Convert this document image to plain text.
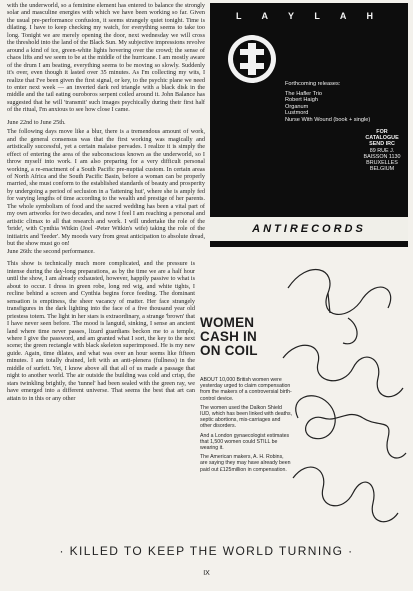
with the underworld, so a feminine element has entered to balance the strongly solar and masculine energies with which we have been working so far. Given the usual pre-performance confusion, it seems strangely quiet tonight. Time is dilating. I have to keep checking my watch, for everything seems to take too long. Tonight we are merely opening the door, next wednesday we will cross the threshold into the land of the Black Sun. My subjective impressions revolve around a kind of ice, green-white lights hovering over the crowd; the sense of chaos lifts and we seem to be at the middle of the hurricane. I am mostly aware of the drum I am beating, everything seems to be moving so slowly. Suddenly it's over, even though it lasted over 35 minutes. As I'm collecting my wits, I realize that I've been given the first signal, or key, to the psychic plane we need to enter next week — an inverted dark red triangle with a black disk in the middle and the tail eating ouroboros serpent coiled around it. John Balance has suggested that he will 'transmit' such images psychically during their first half of the ritual, I'm anxious to see how close I came.

June 22nd to June 25th.

The following days move like a blur, there is a tremendous amount of work, and the general consensus was that the first working was magically and artistically successful, yet a certain malaise pervades. I realize it is simply the effect of entering the area of the subconscious known as the underworld, so I throw myself into work. I am also preparing for a very difficult personal working, a re-enactment of a South Pacific pre-nuptial custom. In certain areas of North Africa and the South Pacific Basin, before a woman can be properly married, she must conform to the established standards of beauty and prosperity by undergoing a period of seclusion in a 'fattening hut', where she is amply fed for varying lengths of time according to the wealth and prestige of her parents. The whole symbolism of food and the sacred wedding has been a vital part of my own artworks for two decades, and now I feel I am reaching a personal and artistic climax to all that research and work. I will undertake the role of the 'bride', with Cynthia Witkin (Joel -Peter Witkin's wife) taking the role of the initiatrix and 'feeder'. My moods vary from great anticipation to absolute dread, but the show must go on!

L A Y L A H
Forthcoming releases:
The Hafler Trio
Robert Haigh
Organum
Lustmord
Nurse With Wound (book + single)
FOR CATALOGUE SEND IRC
89 RUE J. BAISSON 1130 BRUXELLES BELGIUM
ANTIRECORDS

June 26th: the second performance.

This show is technically much more complicated, and the pressure is intense during the day-long preparations, as by the time we are a half hour until the show, I am already exhausted, however, happily passive to what is about to occur. I dress in green robe, long red wig, and white tights, I recline behind a screen and Cynthia begins force feeding. The dominant sensation is emptiness, the sheer vacancy of matter. Her face strangely transfigures in the dark lighting into the face of a five thousand year old priestess totem. The light in her stars is extraordinary, a strange 'brown' that I have never seen before. The mood is languid, sinking, I sense an ancient land where time never passes, lizard guardians beckon me to a temple, where I give the password, and am granted what I sort, the key to the next scene; the green rectangle with black skeleton superimposed. He is my new guide. Again, time dilates, and what was over an hour seems like fifteen minutes. I am totally drained, left with an anti-plenera (fullness) in the middle of surfeit. Yet, I know above all that all of us made a passage that night to another world. The air outside the building was cold and crisp, the stars twinkling brightly, the 'tunnel' had been sealed with the green ray, we have emerged into a different universe. That seems the best that art can attain to in this or any other

WOMEN CASH IN ON COIL

ABOUT 10,000 British women were yesterday urged to claim compensation from the makers of a controversial birth-control device.

The women used the Dalkon Shield IUD, which has been linked with deaths, septic abortions, mis-carriages and other disorders.

And a London gynaecologist estimates that 1,500 women could STILL be wearing it.

The American makers, A. H. Robins, are saying they may have already been paid out £125million in compensation.

· KILLED TO KEEP THE WORLD TURNING ·
IX
